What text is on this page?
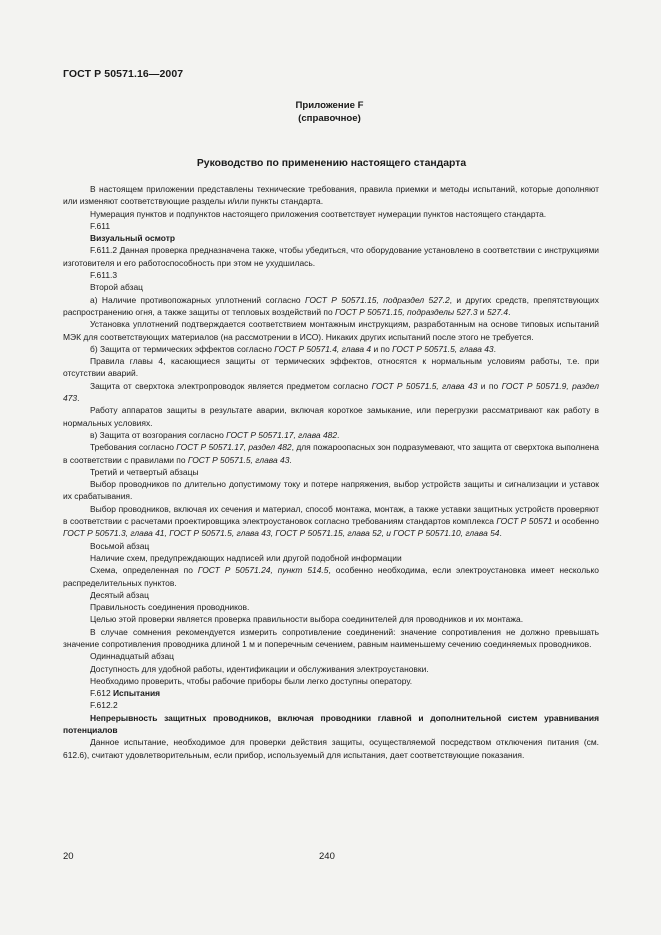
ГОСТ Р 50571.16—2007
Приложение F
(справочное)
Руководство по применению настоящего стандарта

В настоящем приложении представлены технические требования, правила приемки и методы испытаний, которые дополняют или изменяют соответствующие разделы и/или пункты стандарта.

Нумерация пунктов и подпунктов настоящего приложения соответствует нумерации пунктов настоящего стандарта.

F.611

Визуальный осмотр

F.611.2 Данная проверка предназначена также, чтобы убедиться, что оборудование установлено в соответствии с инструкциями изготовителя и его работоспособность при этом не ухудшилась.

F.611.3

Второй абзац

а) Наличие противопожарных уплотнений согласно ГОСТ Р 50571.15, подраздел 527.2, и других средств, препятствующих распространению огня, а также защиты от тепловых воздействий по ГОСТ Р 50571.15, подразделы 527.3 и 527.4.

Установка уплотнений подтверждается соответствием монтажным инструкциям, разработанным на основе типовых испытаний МЭК для соответствующих материалов (на рассмотрении в ИСО). Никаких других испытаний после этого не требуется.

б) Защита от термических эффектов согласно ГОСТ Р 50571.4, глава 4 и по ГОСТ Р 50571.5, глава 43.

Правила главы 4, касающиеся защиты от термических эффектов, относятся к нормальным условиям работы, т.е. при отсутствии аварий.

Защита от сверхтока электропроводок является предметом согласно ГОСТ Р 50571.5, глава 43 и по ГОСТ Р 50571.9, раздел 473.

Работу аппаратов защиты в результате аварии, включая короткое замыкание, или перегрузки рассматривают как работу в нормальных условиях.

в) Защита от возгорания согласно ГОСТ Р 50571.17, глава 482.

Требования согласно ГОСТ Р 50571.17, раздел 482, для пожароопасных зон подразумевают, что защита от сверхтока выполнена в соответствии с правилами по ГОСТ Р 50571.5, глава 43.

Третий и четвертый абзацы

Выбор проводников по длительно допустимому току и потере напряжения, выбор устройств защиты и сигнализации и уставок их срабатывания.

Выбор проводников, включая их сечения и материал, способ монтажа, монтаж, а также уставки защитных устройств проверяют в соответствии с расчетами проектировщика электроустановок согласно требованиям стандартов комплекса ГОСТ Р 50571 и особенно ГОСТ Р 50571.3, глава 41, ГОСТ Р 50571.5, глава 43, ГОСТ Р 50571.15, глава 52, и ГОСТ Р 50571.10, глава 54.

Восьмой абзац

Наличие схем, предупреждающих надписей или другой подобной информации

Схема, определенная по ГОСТ Р 50571.24, пункт 514.5, особенно необходима, если электроустановка имеет несколько распределительных пунктов.

Десятый абзац

Правильность соединения проводников.

Целью этой проверки является проверка правильности выбора соединителей для проводников и их монтажа.

В случае сомнения рекомендуется измерить сопротивление соединений: значение сопротивления не должно превышать значение сопротивления проводника длиной 1 м и поперечным сечением, равным наименьшему сечению соединяемых проводников.

Одиннадцатый абзац

Доступность для удобной работы, идентификации и обслуживания электроустановки.

Необходимо проверить, чтобы рабочие приборы были легко доступны оператору.

F.612 Испытания

F.612.2

Непрерывность защитных проводников, включая проводники главной и дополнительной систем уравнивания потенциалов

Данное испытание, необходимое для проверки действия защиты, осуществляемой посредством отключения питания (см. 612.6), считают удовлетворительным, если прибор, используемый для испытания, дает соответствующие показания.

20	240
